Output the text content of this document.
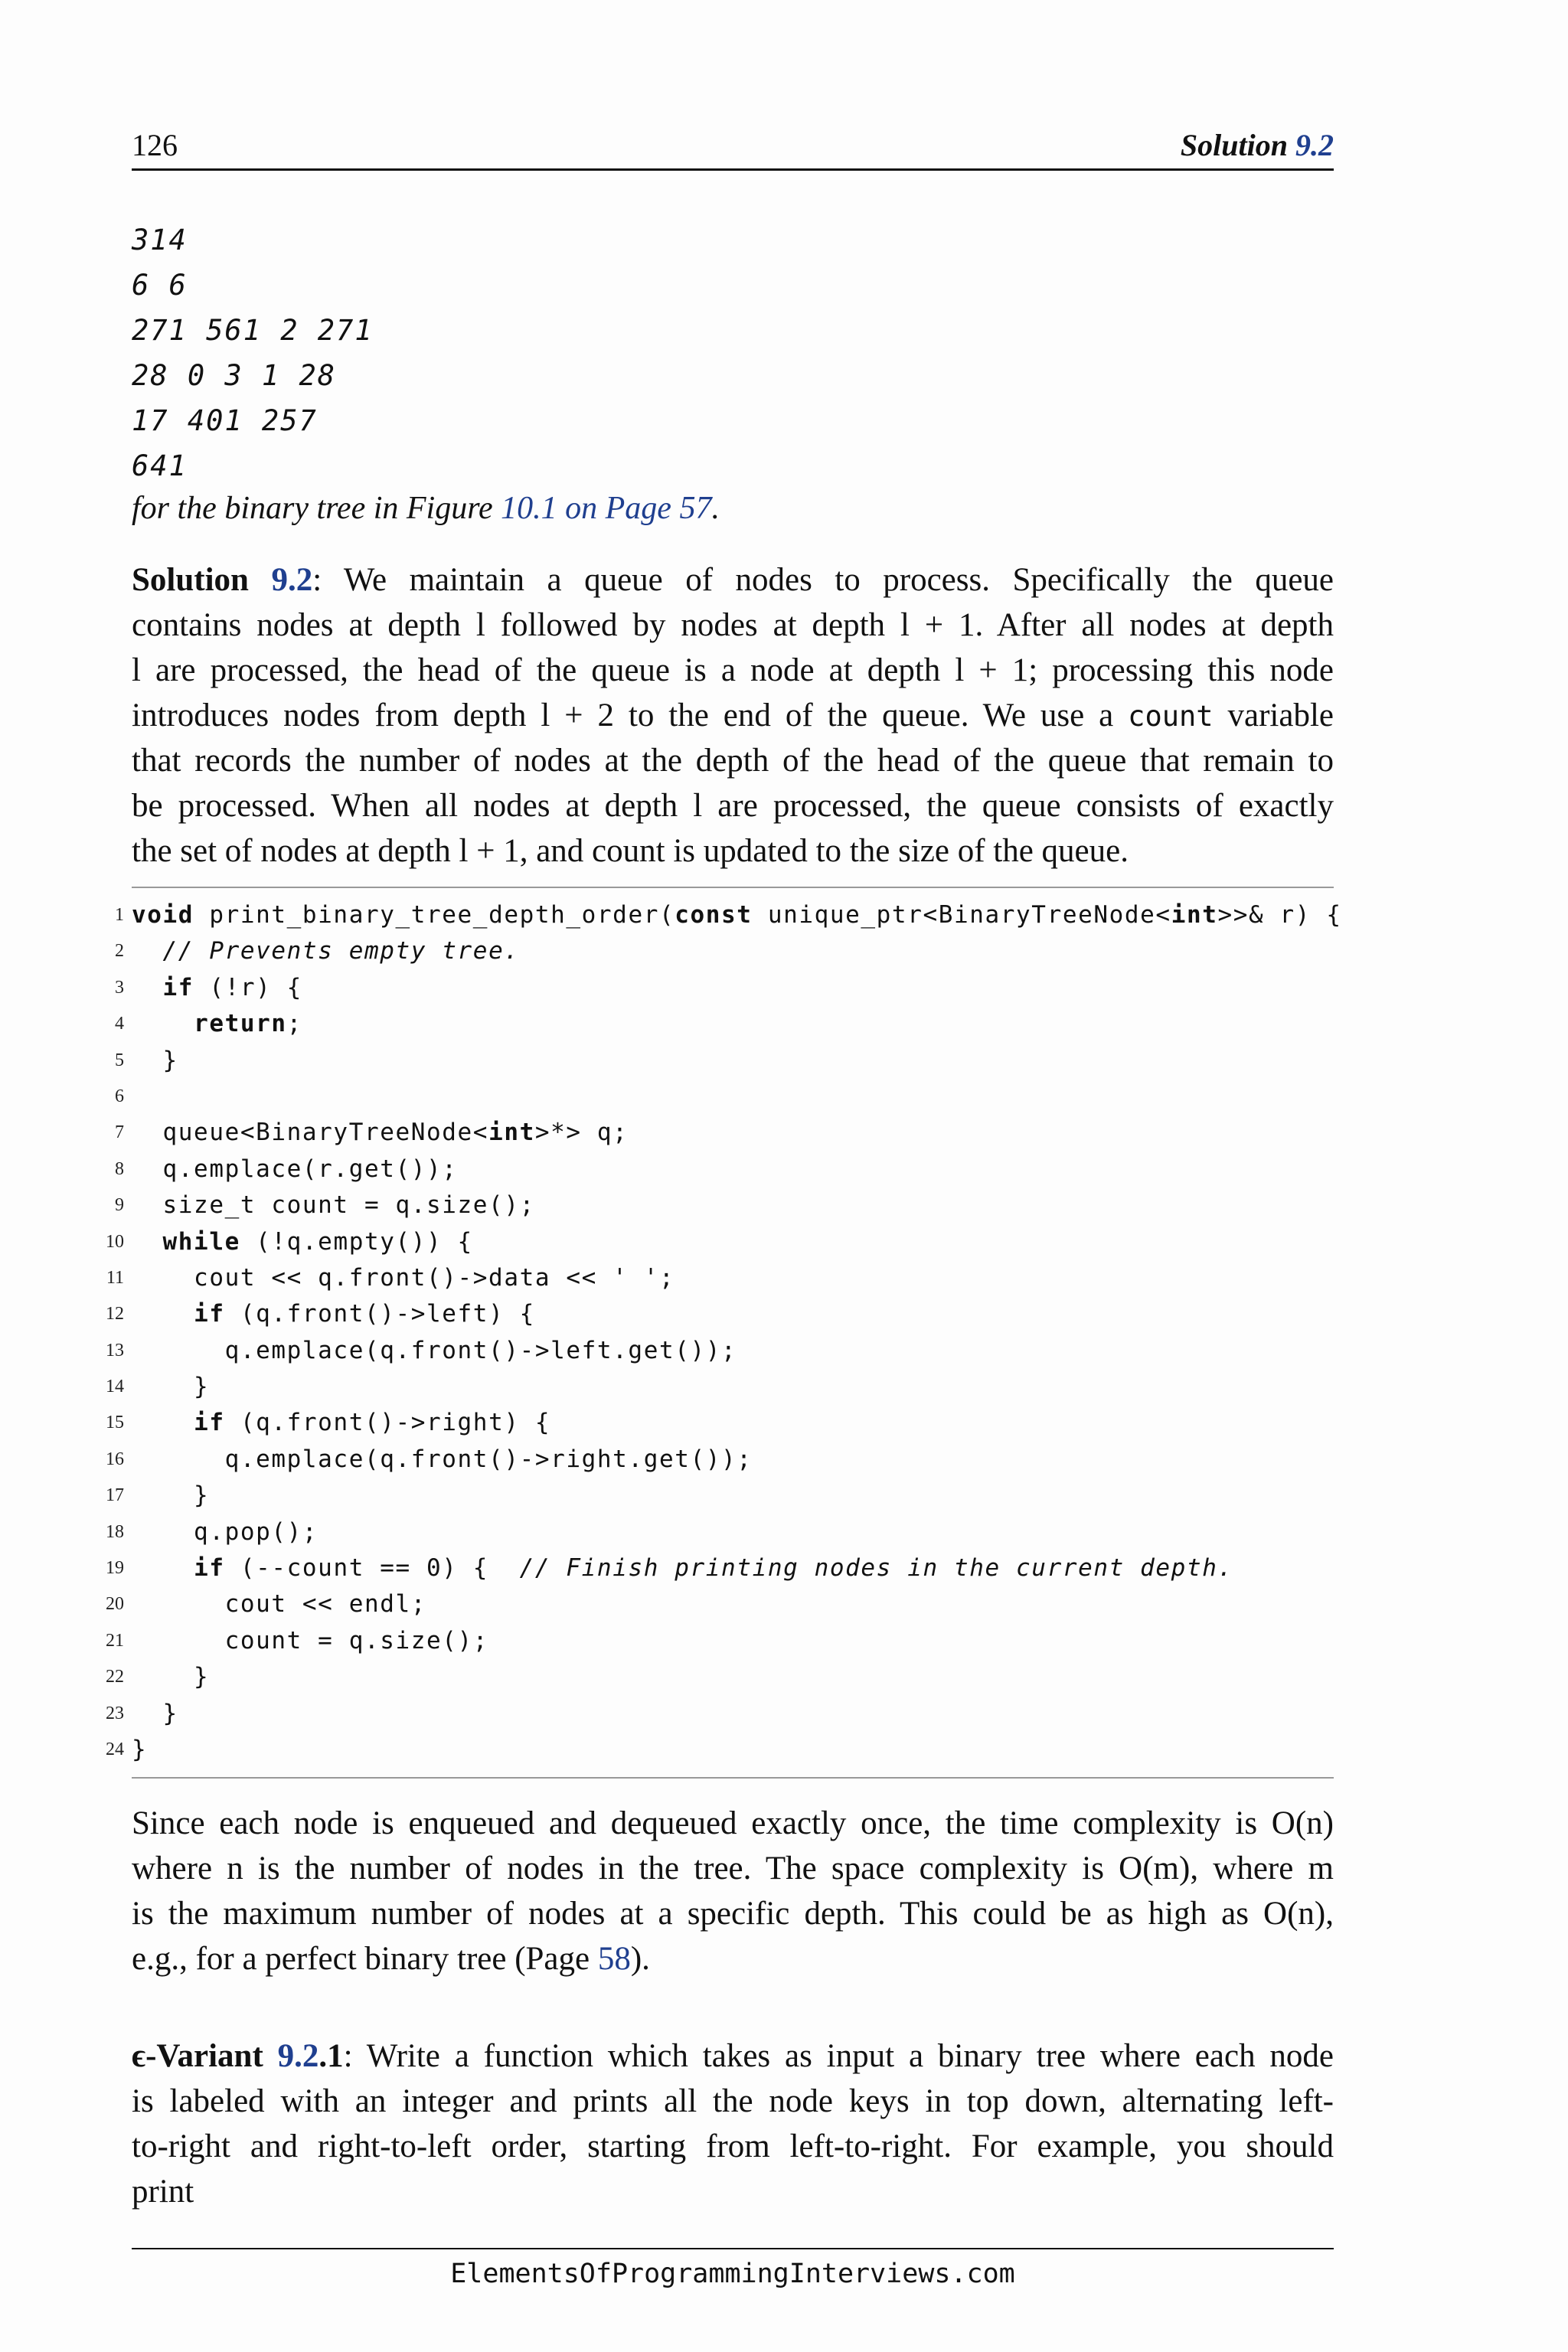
126	Solution 9.2
314
6 6
271 561 2 271
28 0 3 1 28
17 401 257
641
for the binary tree in Figure 10.1 on Page 57.
Solution 9.2: We maintain a queue of nodes to process. Specifically the queue
contains nodes at depth l followed by nodes at depth l + 1. After all nodes at depth
l are processed, the head of the queue is a node at depth l + 1; processing this node
introduces nodes from depth l + 2 to the end of the queue. We use a count variable
that records the number of nodes at the depth of the head of the queue that remain to
be processed. When all nodes at depth l are processed, the queue consists of exactly
the set of nodes at depth l + 1, and count is updated to the size of the queue.
1 void print_binary_tree_depth_order(const unique_ptr<BinaryTreeNode<int>>& r) {
2 // Prevents empty tree.
3 if (!r) {
4	return;
5 }
6
7 queue<BinaryTreeNode<int>*> q;
8 q.emplace(r.get());
9 size_t count = q.size();
10 while (!q.empty()) {
11 cout << q.front()->data << ' ';
12	if (q.front()->left) {
13 q.emplace(q.front()->left.get());
14 }
15	if (q.front()->right) {
16 q.emplace(q.front()->right.get());
17 }
18 q.pop();
19	if (--count == 0) {  // Finish printing nodes in the current depth.
20 cout << endl;
21 count = q.size();
22 }
23 }
24 }
Since each node is enqueued and dequeued exactly once, the time complexity is O(n)
where n is the number of nodes in the tree. The space complexity is O(m), where m
is the maximum number of nodes at a specific depth. This could be as high as O(n),
e.g., for a perfect binary tree (Page 58).
ϵ-Variant 9.2.1: Write a function which takes as input a binary tree where each node
is labeled with an integer and prints all the node keys in top down, alternating left-
to-right and right-to-left order, starting from left-to-right. For example, you should
print
ElementsOfProgrammingInterviews.com
